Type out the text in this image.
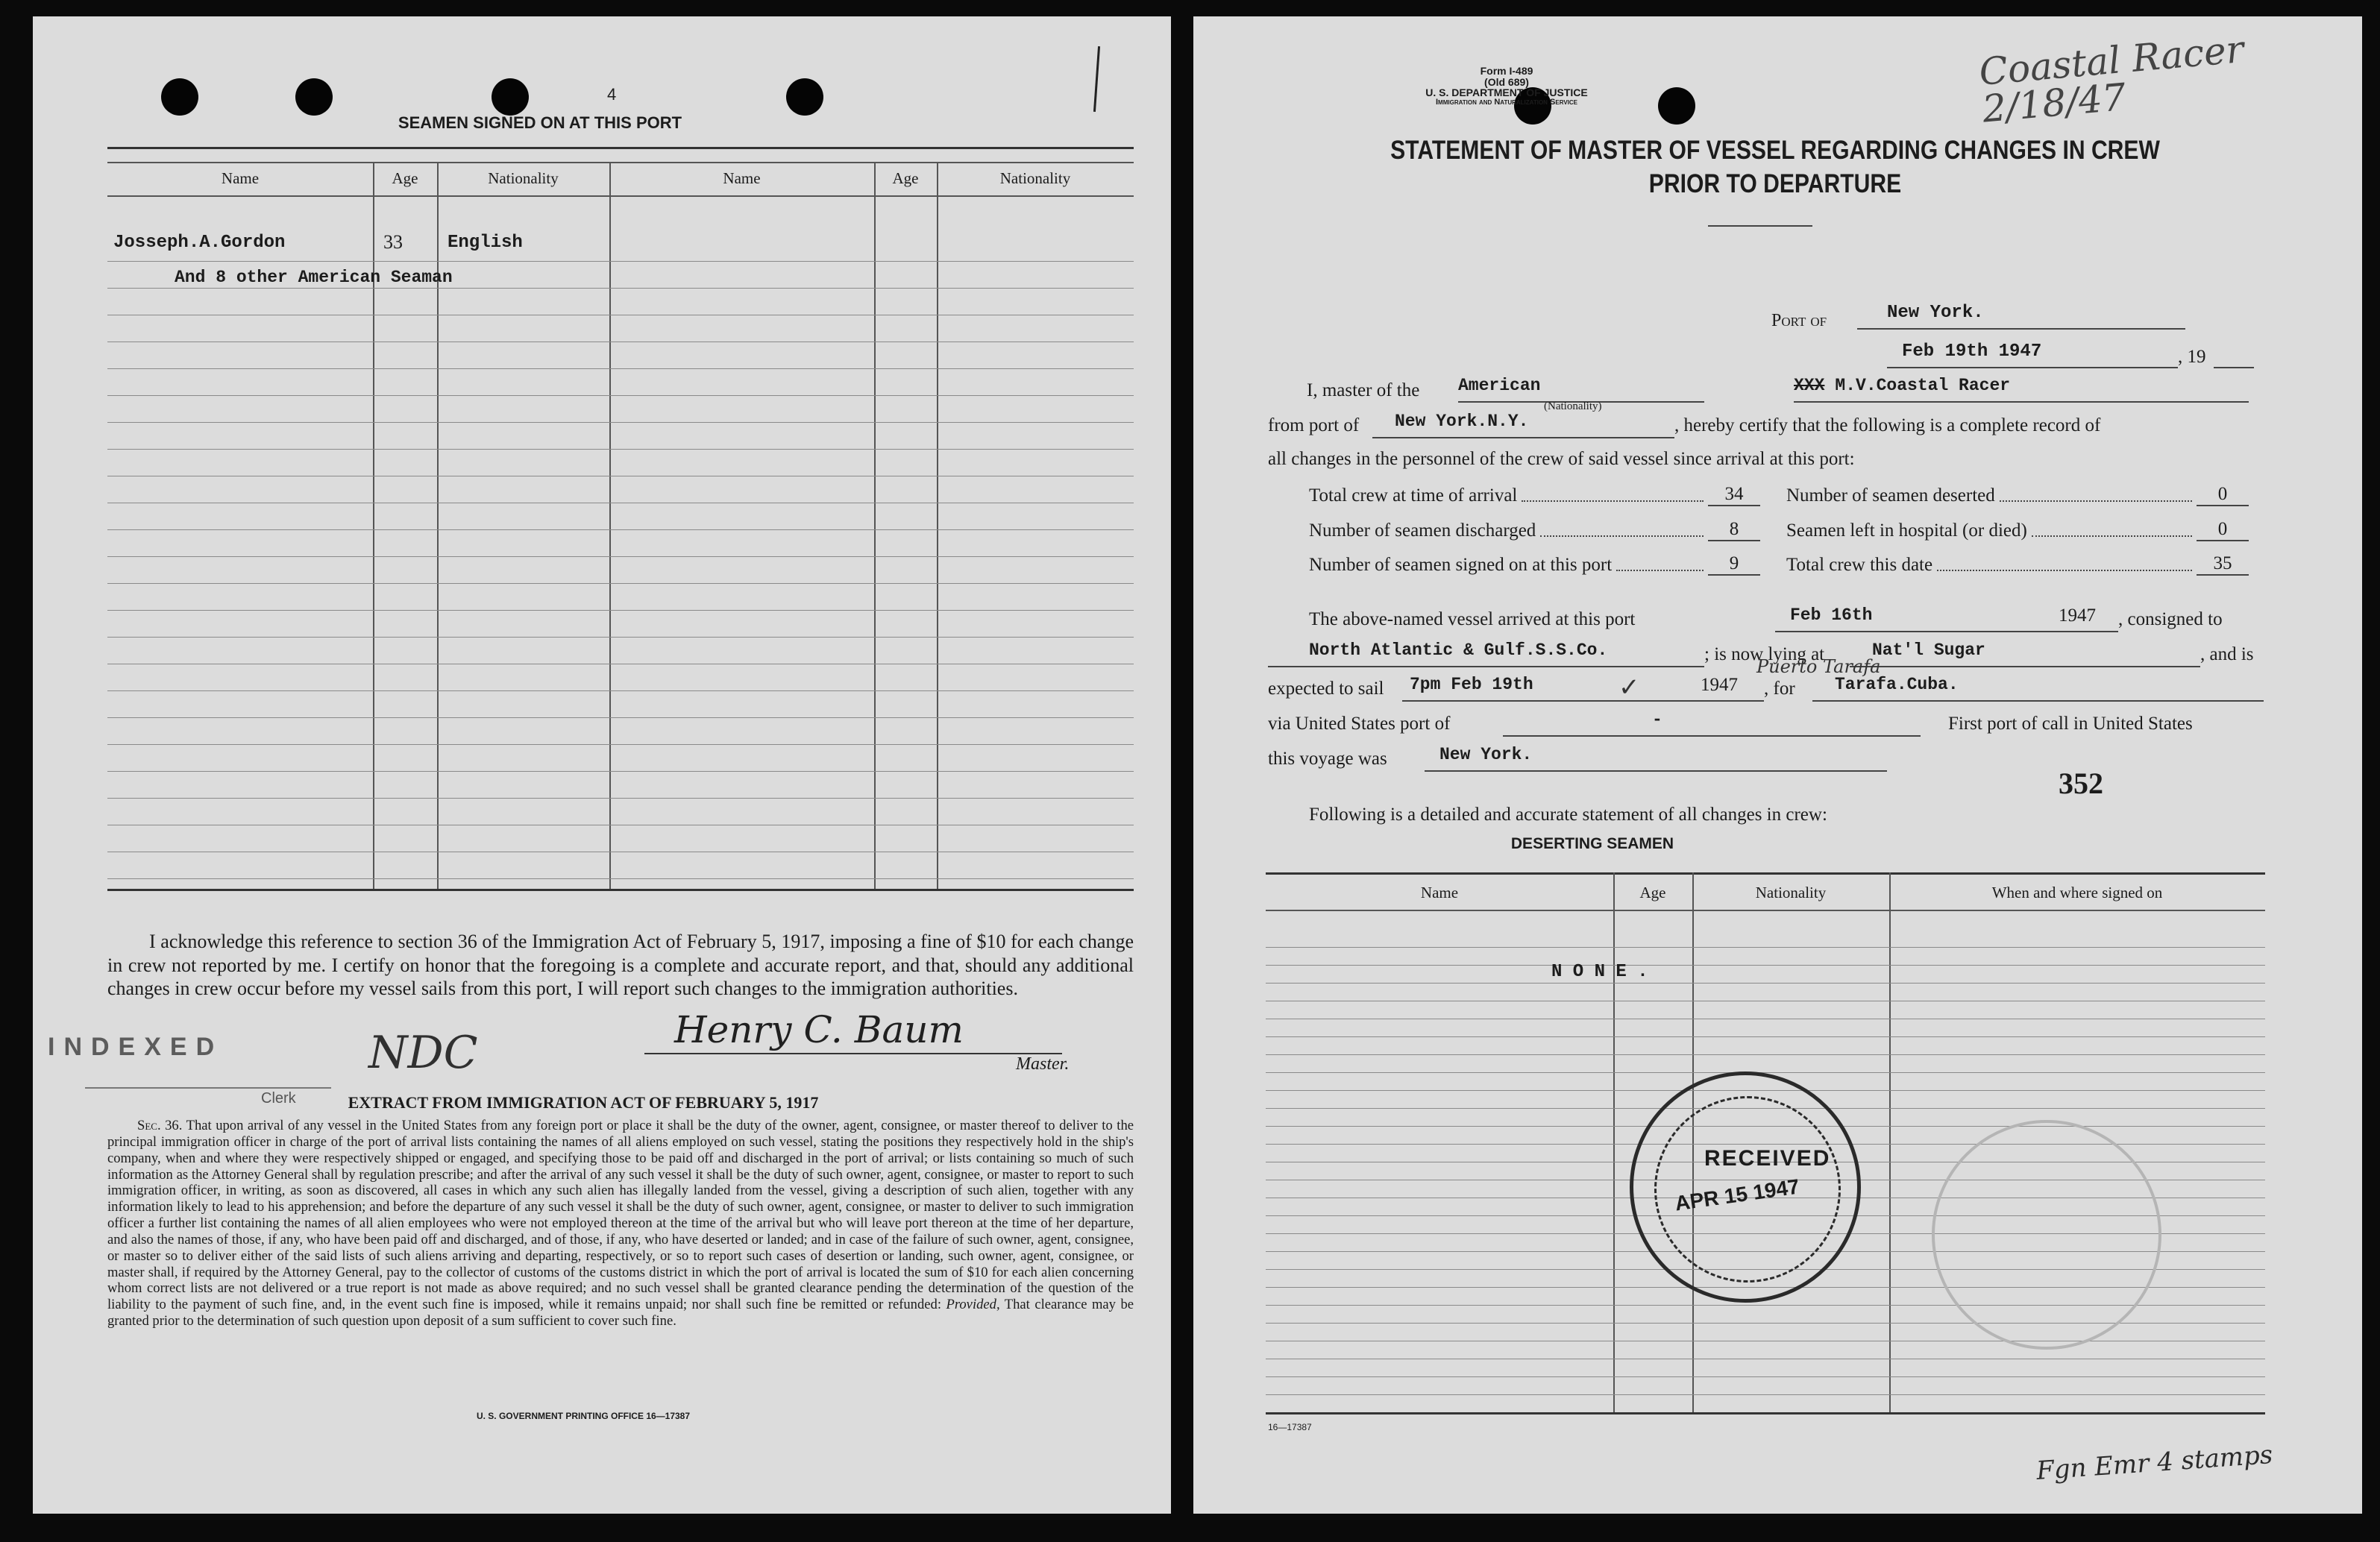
4
SEAMEN SIGNED ON AT THIS PORT
Name	Age	Nationality	Name	Age	Nationality
Josseph.A.Gordon	33	English
And 8 other American Seaman
I acknowledge this reference to section 36 of the Immigration Act of February 5, 1917, imposing a fine of $10 for each change in crew not reported by me. I certify on honor that the foregoing is a complete and accurate report, and that, should any additional changes in crew occur before my vessel sails from this port, I will report such changes to the immigration authorities.
Henry C. Baum
Master.
INDEXED
Clerk
NDC
EXTRACT FROM IMMIGRATION ACT OF FEBRUARY 5, 1917
Sec. 36. That upon arrival of any vessel in the United States from any foreign port or place it shall be the duty of the owner, agent, consignee, or master thereof to deliver to the principal immigration officer in charge of the port of arrival lists containing the names of all aliens employed on such vessel, stating the positions they respectively hold in the ship's company, when and where they were respectively shipped or engaged, and specifying those to be paid off and discharged in the port of arrival; or lists containing so much of such information as the Attorney General shall by regulation prescribe; and after the arrival of any such vessel it shall be the duty of such owner, agent, consignee, or master to report to such immigration officer, in writing, as soon as discovered, all cases in which any such alien has illegally landed from the vessel, giving a description of such alien, together with any information likely to lead to his apprehension; and before the departure of any such vessel it shall be the duty of such owner, agent, consignee, or master to deliver to such immigration officer a further list containing the names of all alien employees who were not employed thereon at the time of the arrival but who will leave port thereon at the time of her departure, and also the names of those, if any, who have been paid off and discharged, and of those, if any, who have deserted or landed; and in case of the failure of such owner, agent, consignee, or master so to deliver either of the said lists of such aliens arriving and departing, respectively, or so to report such cases of desertion or landing, such owner, agent, consignee, or master shall, if required by the Attorney General, pay to the collector of customs of the customs district in which the port of arrival is located the sum of $10 for each alien concerning whom correct lists are not delivered or a true report is not made as above required; and no such vessel shall be granted clearance pending the determination of the question of the liability to the payment of such fine, and, in the event such fine is imposed, while it remains unpaid; nor shall such fine be remitted or refunded: Provided, That clearance may be granted prior to the determination of such question upon deposit of a sum sufficient to cover such fine.
U. S. GOVERNMENT PRINTING OFFICE 16—17387
Form I-489
(Old 689)
U. S. DEPARTMENT OF JUSTICE
Immigration and Naturalization Service
Coastal Racer 2/18/47
STATEMENT OF MASTER OF VESSEL REGARDING CHANGES IN CREW
PRIOR TO DEPARTURE
Port of	New York.
Feb 19th 1947	, 19
I, master of the American
(Nationality)
XXX M.V.Coastal Racer
from port of	New York.N.Y.	, hereby certify that the following is a complete record of
all changes in the personnel of the crew of said vessel since arrival at this port:
Total crew at time of arrival	34	Number of seamen deserted	0
Number of seamen discharged	8	Seamen left in hospital (or died)	0
Number of seamen signed on at this port	9	Total crew this date	35
The above-named vessel arrived at this port	Feb 16th	1947	, consigned to
North Atlantic & Gulf.S.S.Co.	; is now lying at	Nat'l Sugar	, and is
expected to sail	7pm Feb 19th	✓	1947	, for
Puerto Tarafa
Tarafa.Cuba.
via United States port of	-	First port of call in United States
this voyage was	New York.
352
Following is a detailed and accurate statement of all changes in crew:
DESERTING SEAMEN
Name	Age	Nationality	When and where signed on
N O N E .
RECEIVED
APR 15 1947
16—17387
Fgn Emr 4 stamps
